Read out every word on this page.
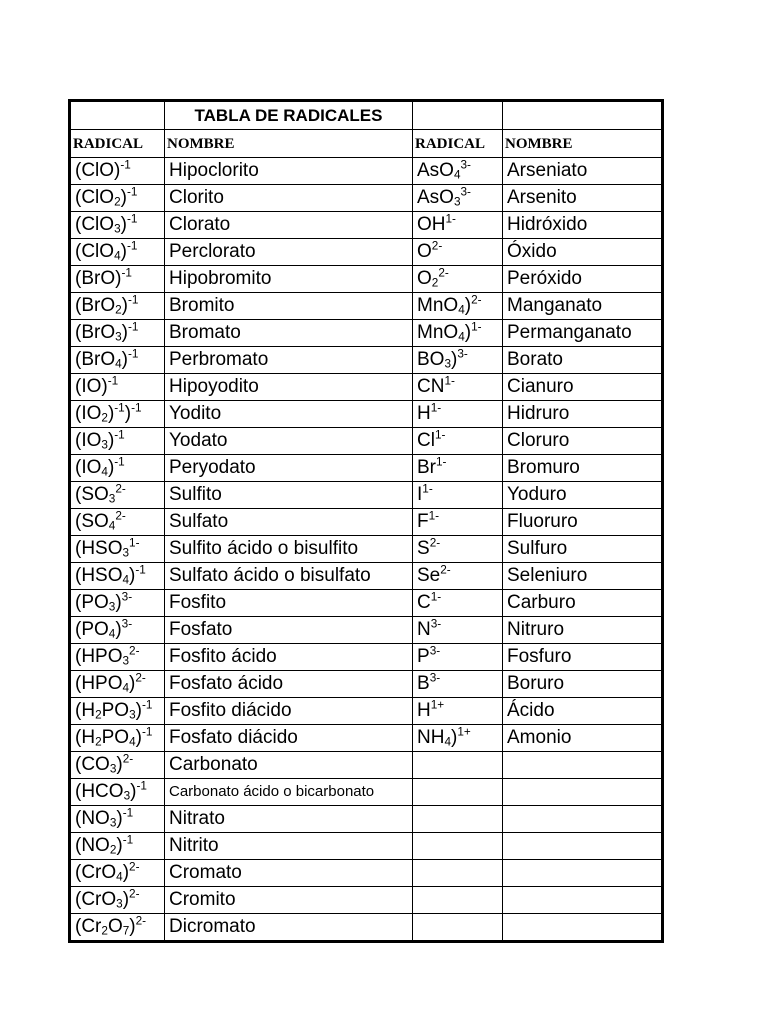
	TABLA DE RADICALES		
RADICAL	NOMBRE	RADICAL	NOMBRE
(ClO)$^{-1}$	Hipoclorito	AsO$_4^{3-}$	Arseniato
$(ClO_2)^{-1}$	Clorito	AsO$_3^{3-}$	Arsenito
$(ClO_3)^{-1}$	Clorato	$OH^{1-}$	Hidróxido
$(ClO_4)^{-1}$	Perclorato	$O^{2-}$	Óxido
(BrO)$^{-1}$	Hipobromito	$O_2^{2-}$	Peróxido
$(BrO_2)^{-1}$	Bromito	MnO$_4$)$^{2-}$	Manganato
$(BrO_3)^{-1}$	Bromato	MnO$_4$)$^{1-}$	Permanganato
$(BrO_4)^{-1}$	Perbromato	$BO_3)^{3-}$	Borato
(IO)$^{-1}$	Hipoyodito	$CN^{1-}$	Cianuro
$(IO_2)^{-1})^{-1}$	Yodito	$H^{1-}$	Hidruro
$(IO_3)^{-1}$	Yodato	$Cl^{1-}$	Cloruro
$(IO_4)^{-1}$	Peryodato	$Br^{1-}$	Bromuro
($SO_3^{2-}$	Sulfito	$I^{1-}$	Yoduro
($SO_4^{2-}$	Sulfato	$F^{1-}$	Fluoruro
($HSO_3^{1-}$	Sulfito ácido o bisulfito	$S^{2-}$	Sulfuro
$(HSO_4)^{-1}$	Sulfato ácido o bisulfato	$Se^{2-}$	Seleniuro
$(PO_3)^{3-}$	Fosfito	$C^{1-}$	Carburo
$(PO_4)^{3-}$	Fosfato	$N^{3-}$	Nitruro
($HPO_3^{2-}$	Fosfito ácido	$P^{3-}$	Fosfuro
$(HPO_4)^{2-}$	Fosfato ácido	$B^{3-}$	Boruro
$(H_2PO_3)^{-1}$	Fosfito diácido	$H^{1+}$	Ácido
$(H_2PO_4)^{-1}$	Fosfato diácido	$NH_4)^{1+}$	Amonio
$(CO_3)^{2-}$	Carbonato		
$(HCO_3)^{-1}$	Carbonato ácido o bicarbonato		
$(NO_3)^{-1}$	Nitrato		
$(NO_2)^{-1}$	Nitrito		
$(CrO_4)^{2-}$	Cromato		
$(CrO_3)^{2-}$	Cromito		
$(Cr_2O_7)^{2-}$	Dicromato		
